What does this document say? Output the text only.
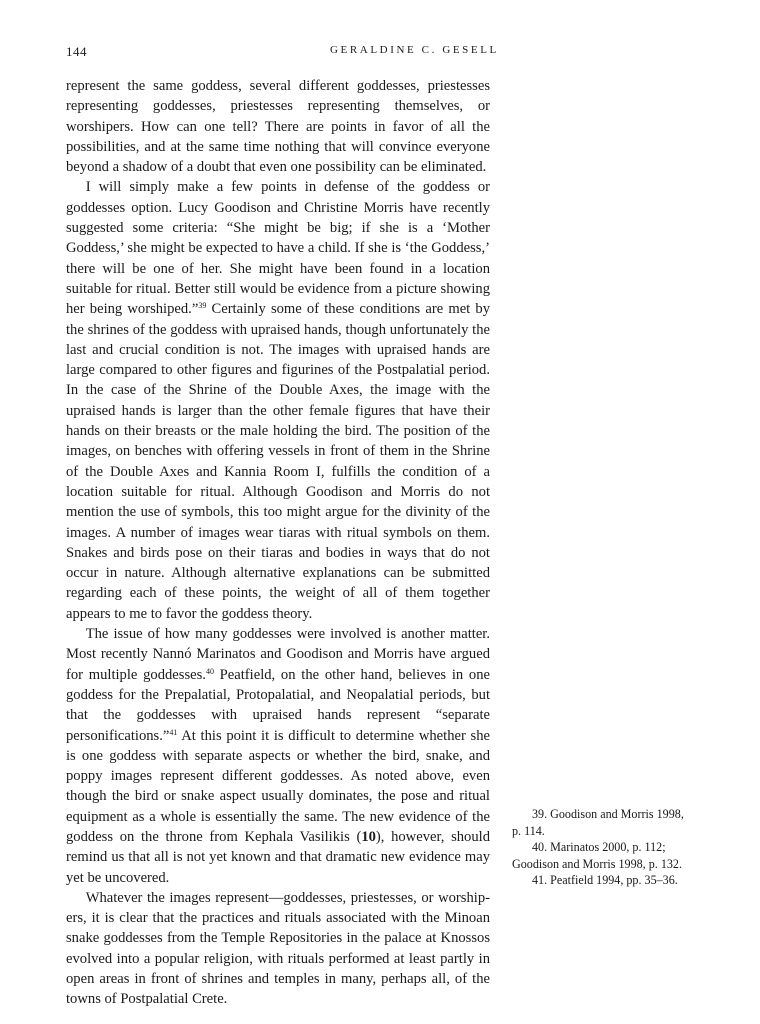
144	GERALDINE C. GESELL

represent the same goddess, several different goddesses, priestesses representing goddesses, priestesses representing themselves, or worshipers. How can one tell? There are points in favor of all the possibilities, and at the same time nothing that will convince everyone beyond a shadow of a doubt that even one possibility can be eliminated.

I will simply make a few points in defense of the goddess or goddesses option. Lucy Goodison and Christine Morris have recently suggested some criteria: “She might be big; if she is a ‘Mother Goddess,’ she might be expected to have a child. If she is ‘the Goddess,’ there will be one of her. She might have been found in a location suitable for ritual. Better still would be evidence from a picture showing her being worshiped.”$^{39}$ Certainly some of these conditions are met by the shrines of the goddess with upraised hands, though unfortunately the last and crucial condition is not. The images with upraised hands are large compared to other figures and figurines of the Postpalatial period. In the case of the Shrine of the Double Axes, the image with the upraised hands is larger than the other female figures that have their hands on their breasts or the male holding the bird. The position of the images, on benches with offering vessels in front of them in the Shrine of the Double Axes and Kannia Room I, fulfills the condition of a location suitable for ritual. Although Goodison and Morris do not mention the use of symbols, this too might argue for the divinity of the images. A number of images wear tiaras with ritual symbols on them. Snakes and birds pose on their tiaras and bodies in ways that do not occur in nature. Although alternative explanations can be submitted regarding each of these points, the weight of all of them together appears to me to favor the goddess theory.

The issue of how many goddesses were involved is another matter. Most recently Nannó Marinatos and Goodison and Morris have argued for multiple goddesses.$^{40}$ Peatfield, on the other hand, believes in one goddess for the Prepalatial, Protopalatial, and Neopalatial periods, but that the goddesses with upraised hands represent “separate personifications.”$^{41}$ At this point it is difficult to determine whether she is one goddess with separate aspects or whether the bird, snake, and poppy images represent different goddesses. As noted above, even though the bird or snake aspect usually dominates, the pose and ritual equipment as a whole is essentially the same. The new evidence of the goddess on the throne from Kephala Vasilikis (10), however, should remind us that all is not yet known and that dramatic new evidence may yet be uncovered.

Whatever the images represent—goddesses, priestesses, or worshipers, it is clear that the practices and rituals associated with the Minoan snake goddesses from the Temple Repositories in the palace at Knossos evolved into a popular religion, with rituals performed at least partly in open areas in front of shrines and temples in many, perhaps all, of the towns of Postpalatial Crete.

39. Goodison and Morris 1998,
p. 114.
40. Marinatos 2000, p. 112;
Goodison and Morris 1998, p. 132.
41. Peatfield 1994, pp. 35–36.
